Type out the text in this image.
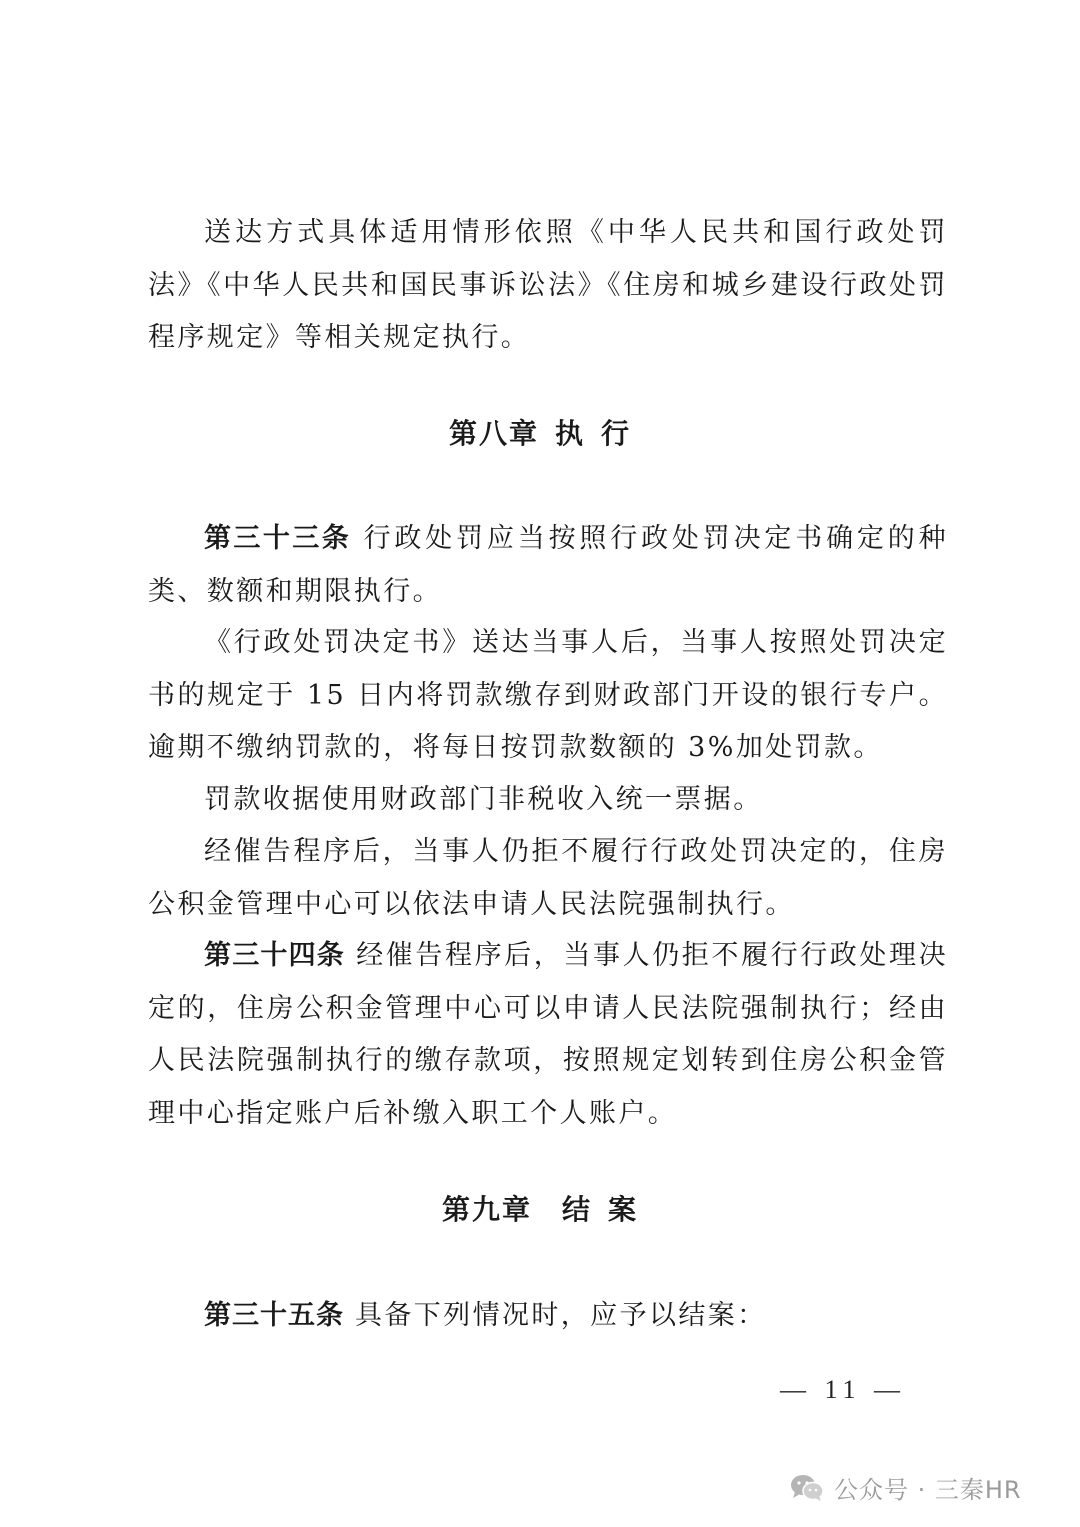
送达方式具体适用情形依照《中华人民共和国行政处罚法》《中华人民共和国民事诉讼法》《住房和城乡建设行政处罚程序规定》等相关规定执行。

第八章 执 行

第三十三条 行政处罚应当按照行政处罚决定书确定的种类、数额和期限执行。

《行政处罚决定书》送达当事人后，当事人按照处罚决定书的规定于 15 日内将罚款缴存到财政部门开设的银行专户。逾期不缴纳罚款的，将每日按罚款数额的 3%加处罚款。

罚款收据使用财政部门非税收入统一票据。

经催告程序后，当事人仍拒不履行行政处罚决定的，住房公积金管理中心可以依法申请人民法院强制执行。

第三十四条 经催告程序后，当事人仍拒不履行行政处理决定的，住房公积金管理中心可以申请人民法院强制执行；经由人民法院强制执行的缴存款项，按照规定划转到住房公积金管理中心指定账户后补缴入职工个人账户。

第九章 结 案

第三十五条 具备下列情况时，应予以结案：

— 11 —
公众号 · 三秦HR
